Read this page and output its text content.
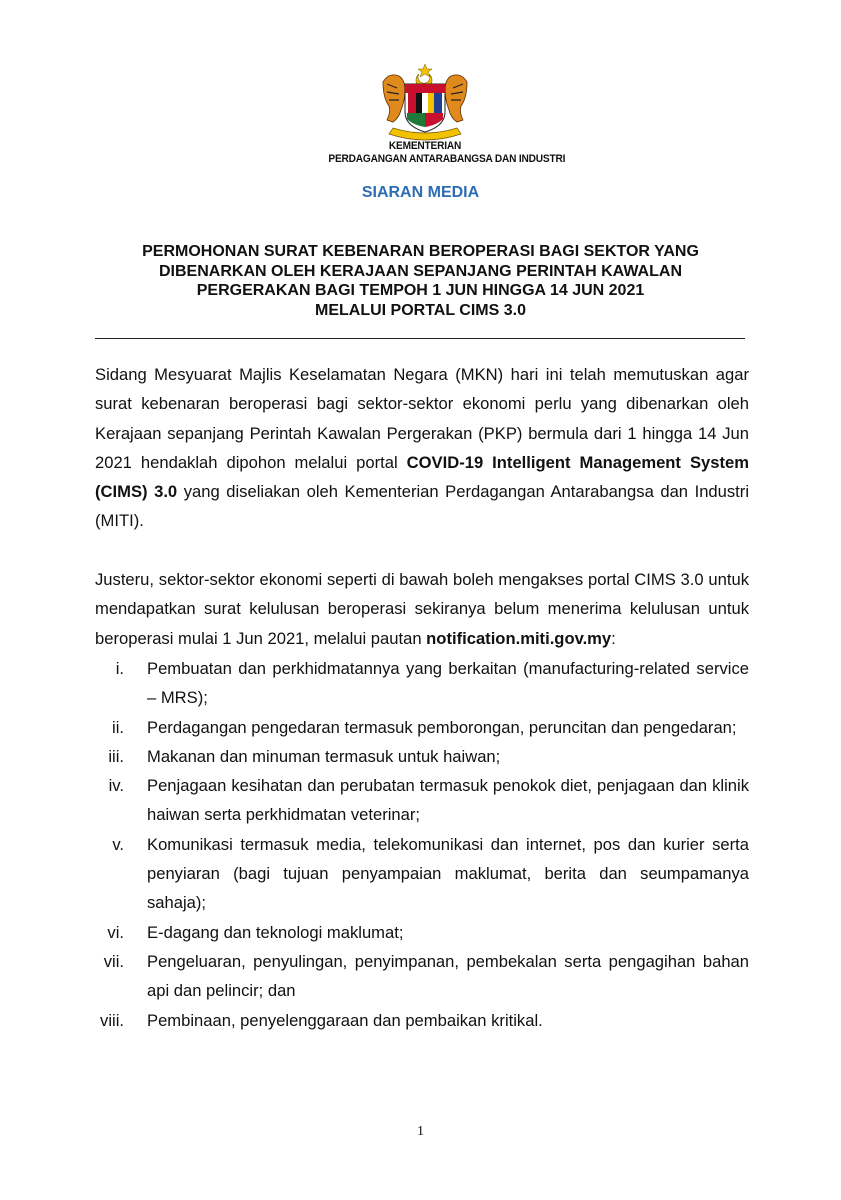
KEMENTERIAN
PERDAGANGAN ANTARABANGSA DAN INDUSTRI
SIARAN MEDIA
PERMOHONAN SURAT KEBENARAN BEROPERASI BAGI SEKTOR YANG
DIBENARKAN OLEH KERAJAAN SEPANJANG PERINTAH KAWALAN
PERGERAKAN BAGI TEMPOH 1 JUN HINGGA 14 JUN 2021
MELALUI PORTAL CIMS 3.0
Sidang Mesyuarat Majlis Keselamatan Negara (MKN) hari ini telah memutuskan agar surat kebenaran beroperasi bagi sektor-sektor ekonomi perlu yang dibenarkan oleh Kerajaan sepanjang Perintah Kawalan Pergerakan (PKP) bermula dari 1 hingga 14 Jun 2021 hendaklah dipohon melalui portal COVID-19 Intelligent Management System (CIMS) 3.0 yang diseliakan oleh Kementerian Perdagangan Antarabangsa dan Industri (MITI).
Justeru, sektor-sektor ekonomi seperti di bawah boleh mengakses portal CIMS 3.0 untuk mendapatkan surat kelulusan beroperasi sekiranya belum menerima kelulusan untuk beroperasi mulai 1 Jun 2021, melalui pautan notification.miti.gov.my:
i. Pembuatan dan perkhidmatannya yang berkaitan (manufacturing-related service – MRS);
ii. Perdagangan pengedaran termasuk pemborongan, peruncitan dan pengedaran;
iii. Makanan dan minuman termasuk untuk haiwan;
iv. Penjagaan kesihatan dan perubatan termasuk penokok diet, penjagaan dan klinik haiwan serta perkhidmatan veterinar;
v. Komunikasi termasuk media, telekomunikasi dan internet, pos dan kurier serta penyiaran (bagi tujuan penyampaian maklumat, berita dan seumpamanya sahaja);
vi. E-dagang dan teknologi maklumat;
vii. Pengeluaran, penyulingan, penyimpanan, pembekalan serta pengagihan bahan api dan pelincir; dan
viii. Pembinaan, penyelenggaraan dan pembaikan kritikal.
1
